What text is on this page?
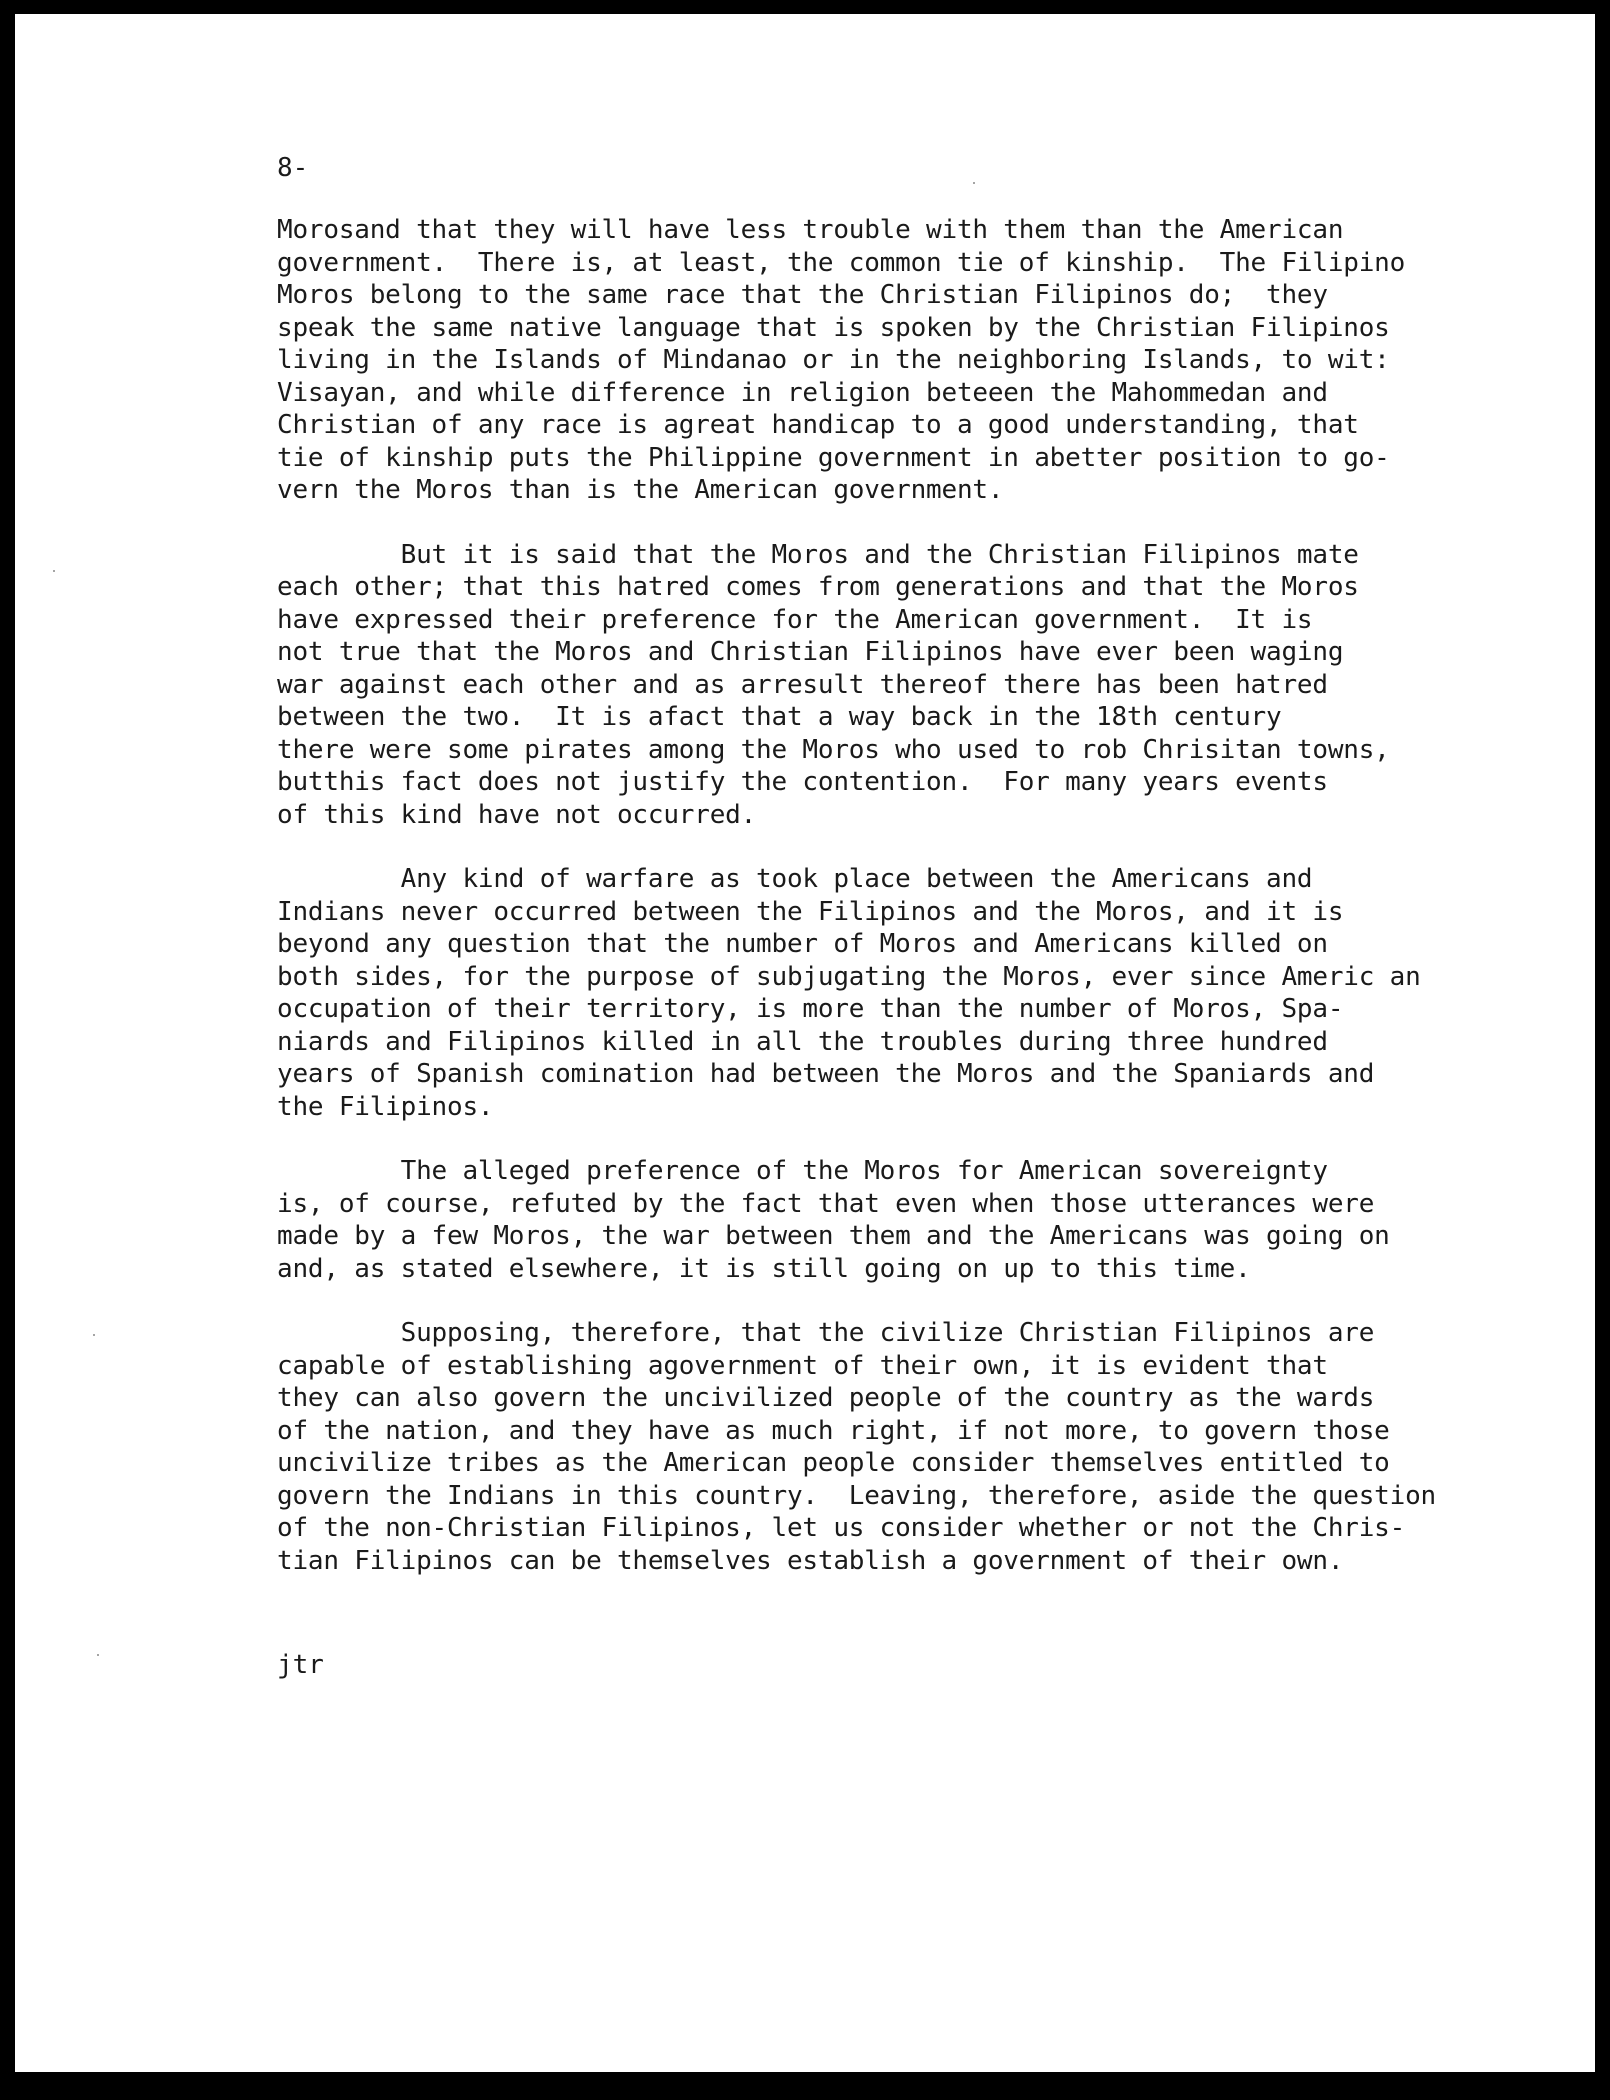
8-

Morosand that they will have less trouble with them than the American
government.  There is, at least, the common tie of kinship.  The Filipino
Moros belong to the same race that the Christian Filipinos do;  they
speak the same native language that is spoken by the Christian Filipinos
living in the Islands of Mindanao or in the neighboring Islands, to wit:
Visayan, and while difference in religion beteeen the Mahommedan and
Christian of any race is agreat handicap to a good understanding, that
tie of kinship puts the Philippine government in abetter position to go-
vern the Moros than is the American government.

But it is said that the Moros and the Christian Filipinos mate
each other; that this hatred comes from generations and that the Moros
have expressed their preference for the American government.  It is
not true that the Moros and Christian Filipinos have ever been waging
war against each other and as arresult thereof there has been hatred
between the two.  It is afact that a way back in the 18th century
there were some pirates among the Moros who used to rob Chrisitan towns,
butthis fact does not justify the contention.  For many years events
of this kind have not occurred.

Any kind of warfare as took place between the Americans and
Indians never occurred between the Filipinos and the Moros, and it is
beyond any question that the number of Moros and Americans killed on
both sides, for the purpose of subjugating the Moros, ever since Americ an
occupation of their territory, is more than the number of Moros, Spa-
niards and Filipinos killed in all the troubles during three hundred
years of Spanish comination had between the Moros and the Spaniards and
the Filipinos.

The alleged preference of the Moros for American sovereignty
is, of course, refuted by the fact that even when those utterances were
made by a few Moros, the war between them and the Americans was going on
and, as stated elsewhere, it is still going on up to this time.

Supposing, therefore, that the civilize Christian Filipinos are
capable of establishing agovernment of their own, it is evident that
they can also govern the uncivilized people of the country as the wards
of the nation, and they have as much right, if not more, to govern those
uncivilize tribes as the American people consider themselves entitled to
govern the Indians in this country.  Leaving, therefore, aside the question
of the non-Christian Filipinos, let us consider whether or not the Chris-
tian Filipinos can be themselves establish a government of their own.

jtr
